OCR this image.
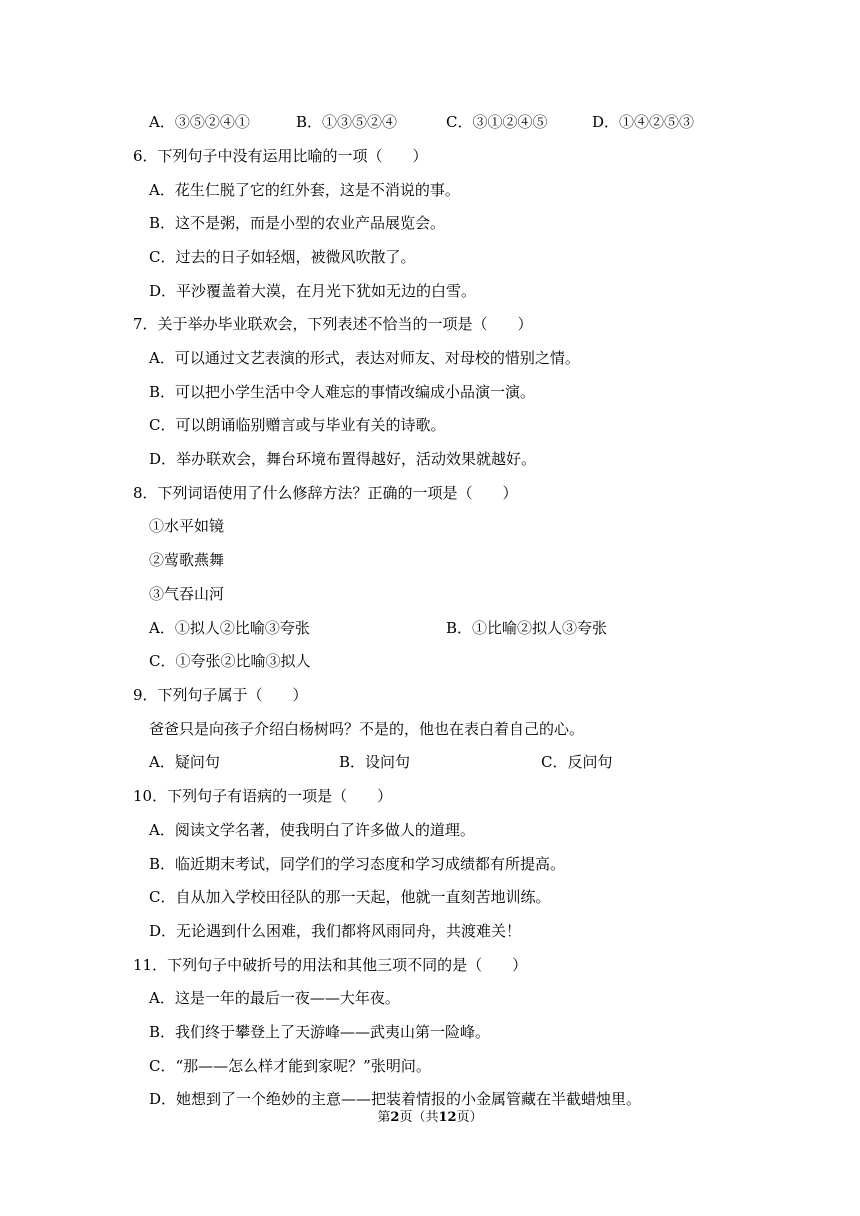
A．③⑤②④①	B．①③⑤②④	C．③①②④⑤	D．①④②⑤③
6．下列句子中没有运用比喻的一项（　　）
A．花生仁脱了它的红外套，这是不消说的事。
B．这不是粥，而是小型的农业产品展览会。
C．过去的日子如轻烟，被微风吹散了。
D．平沙覆盖着大漠，在月光下犹如无边的白雪。
7．关于举办毕业联欢会，下列表述不恰当的一项是（　　）
A．可以通过文艺表演的形式，表达对师友、对母校的惜别之情。
B．可以把小学生活中令人难忘的事情改编成小品演一演。
C．可以朗诵临别赠言或与毕业有关的诗歌。
D．举办联欢会，舞台环境布置得越好，活动效果就越好。
8．下列词语使用了什么修辞方法？正确的一项是（　　）
①水平如镜
②莺歌燕舞
③气吞山河
A．①拟人②比喻③夸张	B．①比喻②拟人③夸张
C．①夸张②比喻③拟人
9．下列句子属于（　　）
爸爸只是向孩子介绍白杨树吗？不是的，他也在表白着自己的心。
A．疑问句	B．设问句	C．反问句
10．下列句子有语病的一项是（　　）
A．阅读文学名著，使我明白了许多做人的道理。
B．临近期末考试，同学们的学习态度和学习成绩都有所提高。
C．自从加入学校田径队的那一天起，他就一直刻苦地训练。
D．无论遇到什么困难，我们都将风雨同舟，共渡难关！
11．下列句子中破折号的用法和其他三项不同的是（　　）
A．这是一年的最后一夜——大年夜。
B．我们终于攀登上了天游峰——武夷山第一险峰。
C．“那——怎么样才能到家呢？”张明问。
D．她想到了一个绝妙的主意——把装着情报的小金属管藏在半截蜡烛里。
第2页（共12页）
